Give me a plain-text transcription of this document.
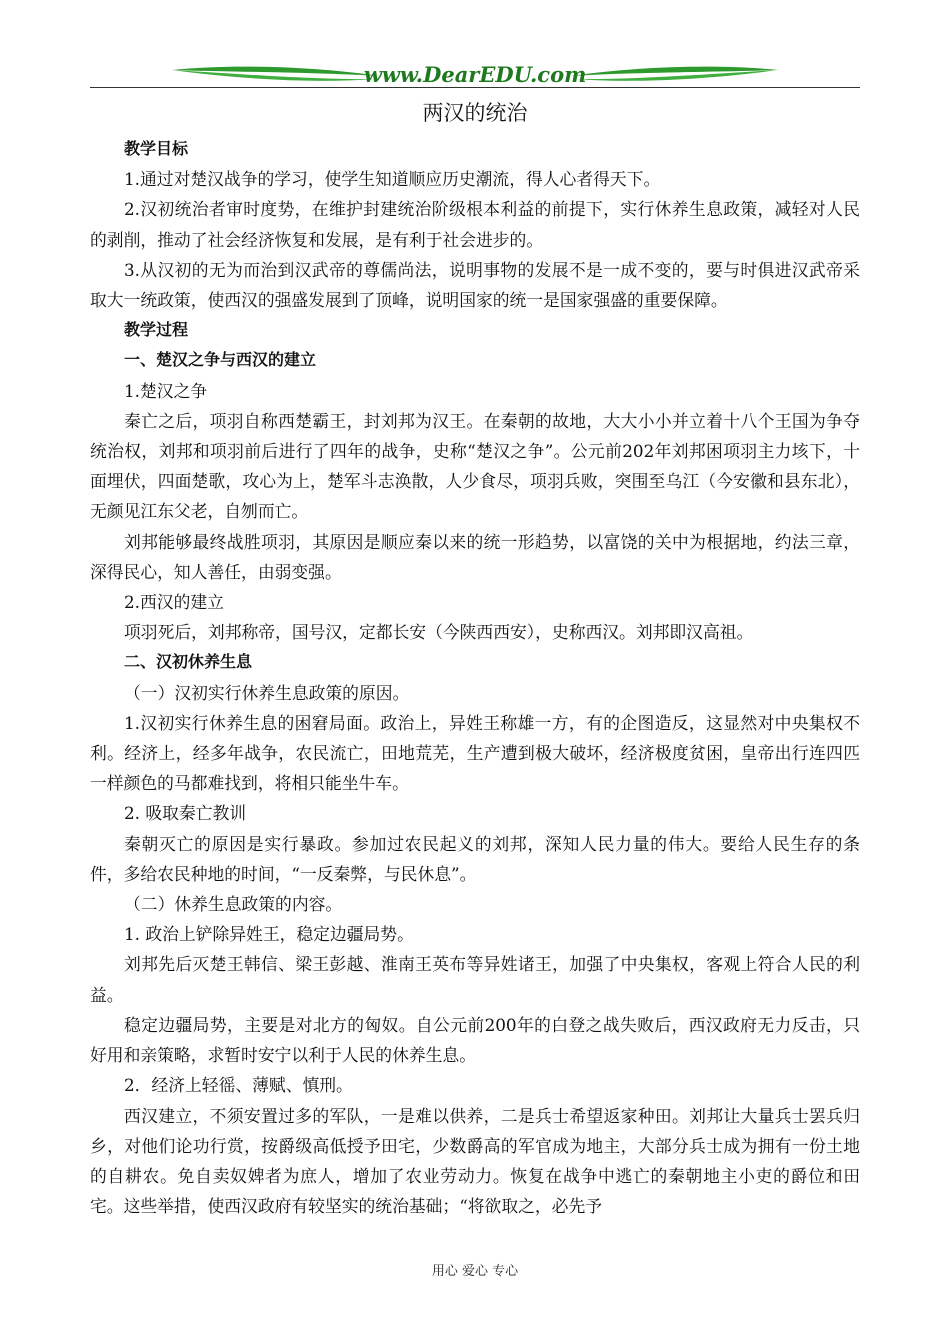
www.DearEDU.com
两汉的统治

教学目标

1.通过对楚汉战争的学习，使学生知道顺应历史潮流，得人心者得天下。

2.汉初统治者审时度势，在维护封建统治阶级根本利益的前提下，实行休养生息政策，减轻对人民的剥削，推动了社会经济恢复和发展，是有利于社会进步的。

3.从汉初的无为而治到汉武帝的尊儒尚法，说明事物的发展不是一成不变的，要与时俱进汉武帝采取大一统政策，使西汉的强盛发展到了顶峰，说明国家的统一是国家强盛的重要保障。

教学过程

一、楚汉之争与西汉的建立

1.楚汉之争

秦亡之后，项羽自称西楚霸王，封刘邦为汉王。在秦朝的故地，大大小小并立着十八个王国为争夺统治权，刘邦和项羽前后进行了四年的战争，史称“楚汉之争”。公元前202年刘邦困项羽主力垓下，十面埋伏，四面楚歌，攻心为上，楚军斗志涣散，人少食尽，项羽兵败，突围至乌江（今安徽和县东北），无颜见江东父老，自刎而亡。

刘邦能够最终战胜项羽，其原因是顺应秦以来的统一形趋势，以富饶的关中为根据地，约法三章，深得民心，知人善任，由弱变强。

2.西汉的建立

项羽死后，刘邦称帝，国号汉，定都长安（今陕西西安），史称西汉。刘邦即汉高祖。

二、汉初休养生息

（一）汉初实行休养生息政策的原因。

1.汉初实行休养生息的困窘局面。政治上，异姓王称雄一方，有的企图造反，这显然对中央集权不利。经济上，经多年战争，农民流亡，田地荒芜，生产遭到极大破坏，经济极度贫困，皇帝出行连四匹一样颜色的马都难找到，将相只能坐牛车。

2. 吸取秦亡教训

秦朝灭亡的原因是实行暴政。参加过农民起义的刘邦，深知人民力量的伟大。要给人民生存的条件，多给农民种地的时间，“一反秦弊，与民休息”。

（二）休养生息政策的内容。

1. 政治上铲除异姓王，稳定边疆局势。

刘邦先后灭楚王韩信、梁王彭越、淮南王英布等异姓诸王，加强了中央集权，客观上符合人民的利益。

稳定边疆局势，主要是对北方的匈奴。自公元前200年的白登之战失败后，西汉政府无力反击，只好用和亲策略，求暂时安宁以利于人民的休养生息。

2．经济上轻徭、薄赋、慎刑。

西汉建立，不须安置过多的军队，一是难以供养，二是兵士希望返家种田。刘邦让大量兵士罢兵归乡，对他们论功行赏，按爵级高低授予田宅，少数爵高的军官成为地主，大部分兵士成为拥有一份土地的自耕农。免自卖奴婢者为庶人，增加了农业劳动力。恢复在战争中逃亡的秦朝地主小吏的爵位和田宅。这些举措，使西汉政府有较坚实的统治基础；“将欲取之，必先予

用心 爱心 专心
